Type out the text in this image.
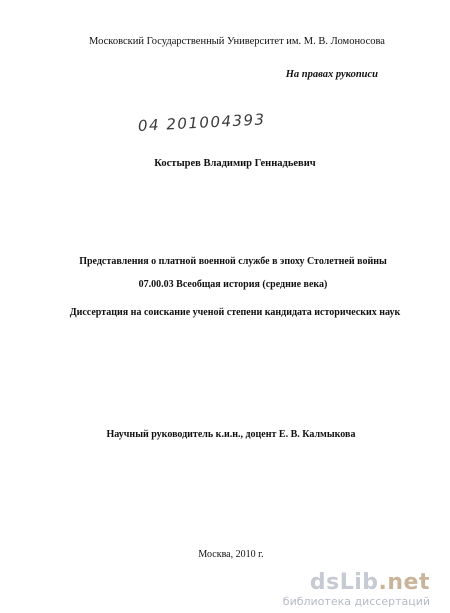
Московский Государственный Университет им. М. В. Ломоносова
На правах рукописи
04 201004393
Костырев Владимир Геннадьевич
Представления о платной военной службе в эпоху Столетней войны
07.00.03 Всеобщая история (средние века)
Диссертация на соискание ученой степени кандидата исторических наук
Научный руководитель к.и.н., доцент Е. В. Калмыкова
Москва, 2010 г.
dsLib.net
библиотека диссертаций
